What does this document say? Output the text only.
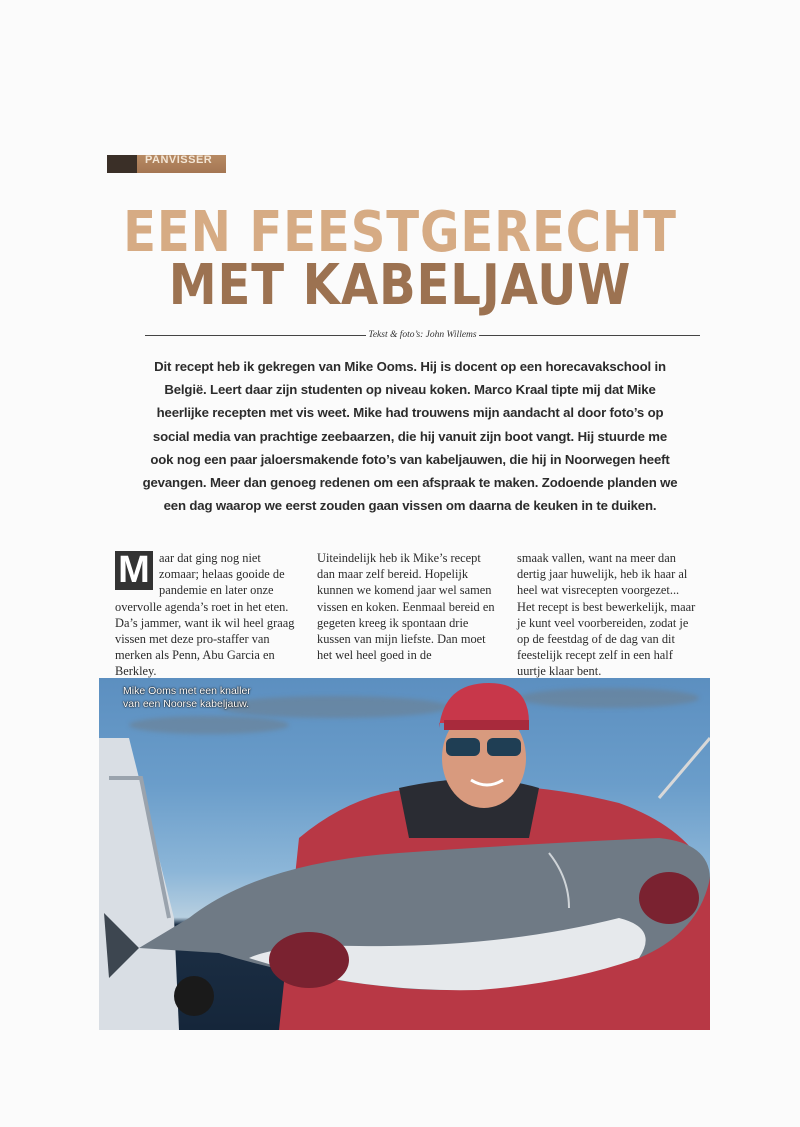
PANVISSER
EEN FEESTGERECHT
MET KABELJAUW
Tekst & foto’s: John Willems
Dit recept heb ik gekregen van Mike Ooms. Hij is docent op een horecavakschool in België. Leert daar zijn studenten op niveau koken. Marco Kraal tipte mij dat Mike heerlijke recepten met vis weet. Mike had trouwens mijn aandacht al door foto’s op social media van prachtige zeebaarzen, die hij vanuit zijn boot vangt. Hij stuurde me ook nog een paar jaloersmakende foto’s van kabeljauwen, die hij in Noorwegen heeft gevangen. Meer dan genoeg redenen om een afspraak te maken. Zodoende planden we een dag waarop we eerst zouden gaan vissen om daarna de keuken in te duiken.
M aar dat ging nog niet zomaar; helaas gooide de pandemie en later onze overvolle agenda’s roet in het eten. Da’s jammer, want ik wil heel graag vissen met deze pro-staffer van merken als Penn, Abu Garcia en Berkley.
Uiteindelijk heb ik Mike’s recept dan maar zelf bereid. Hopelijk kunnen we komend jaar wel samen vissen en koken. Eenmaal bereid en gegeten kreeg ik spontaan drie kussen van mijn liefste. Dan moet het wel heel goed in de
smaak vallen, want na meer dan dertig jaar huwelijk, heb ik haar al heel wat visrecepten voorgezet... Het recept is best bewerkelijk, maar je kunt veel voorbereiden, zodat je op de feestdag of de dag van dit feestelijk recept zelf in een half uurtje klaar bent.
Mike Ooms met een knaller
van een Noorse kabeljauw.
